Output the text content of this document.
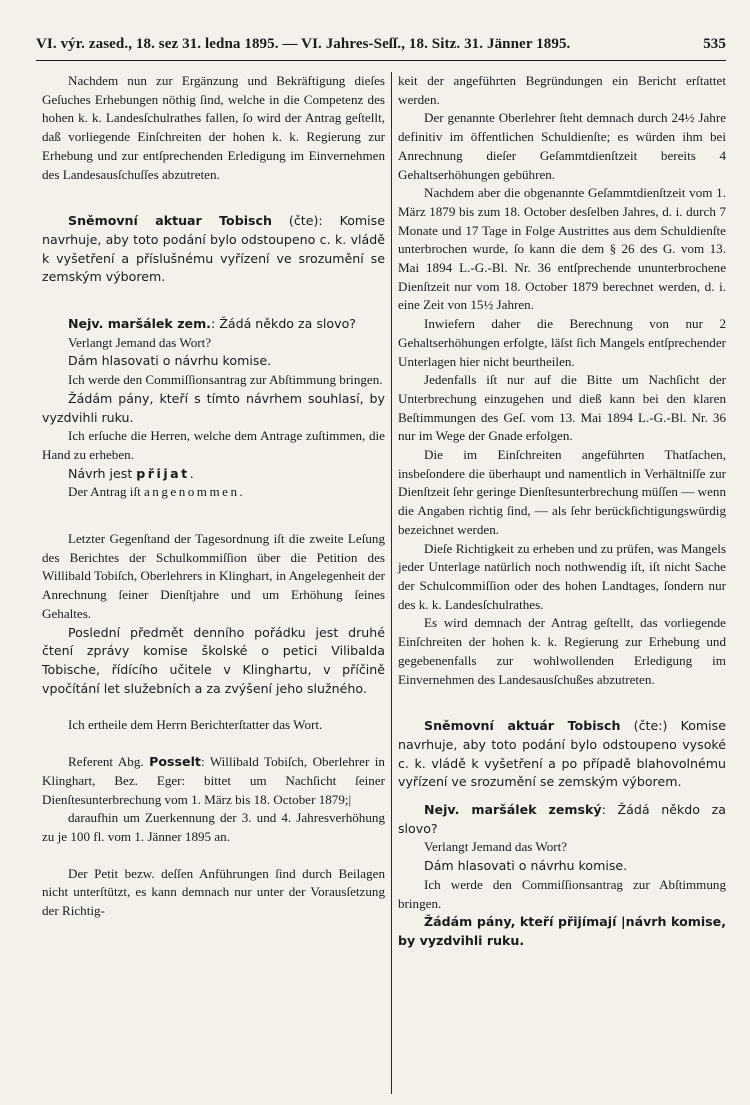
VI. výr. zased., 18. sez 31. ledna 1895. — VI. Jahres-Seſſ., 18. Sitz. 31. Jänner 1895.	535

Nachdem nun zur Ergänzung und Bekräftigung dieſes Geſuches Erhebungen nöthig ſind, welche in die Competenz des hohen k. k. Landesſchulrathes fallen, ſo wird der Antrag geſtellt, daß vorliegende Einſchreiten der hohen k. k. Regierung zur Erhebung und zur entſprechenden Erledigung im Einvernehmen des Landesausſchuſſes abzutreten.

Sněmovní aktuar Tobisch (čte): Komise navrhuje, aby toto podání bylo odstoupeno c. k. vládě k vyšetření a příslušnému vyřízení ve srozumění se zemským výborem.

Nejv. maršálek zem.: Žádá někdo za slovo?

Verlangt Jemand das Wort?

Dám hlasovati o návrhu komise.

Ich werde den Commiſſionsantrag zur Abſtimmung bringen.

Žádám pány, kteří s tímto návrhem souhlasí, by vyzdvihli ruku.

Ich erſuche die Herren, welche dem Antrage zuſtimmen, die Hand zu erheben.

Návrh jest přijat.

Der Antrag iſt angenommen.

Letzter Gegenſtand der Tagesordnung iſt die zweite Leſung des Berichtes der Schulkommiſſion über die Petition des Willibald Tobiſch, Oberlehrers in Klinghart, in Angelegenheit der Anrechnung ſeiner Dienſtjahre und um Erhöhung ſeines Gehaltes.

Poslední předmět denního pořádku jest druhé čtení zprávy komise školské o petici Vilibalda Tobische, řídícího učitele v Klinghartu, v příčině vpočítání let služebních a za zvýšení jeho služného.

Ich ertheile dem Herrn Berichterſtatter das Wort.

Referent Abg. Posselt: Willibald Tobiſch, Oberlehrer in Klinghart, Bez. Eger: bittet um Nachſicht ſeiner Dienſtesunterbrechung vom 1. März bis 18. October 1879;|

daraufhin um Zuerkennung der 3. und 4. Jahresverhöhung zu je 100 fl. vom 1. Jänner 1895 an.

Der Petit bezw. deſſen Anführungen ſind durch Beilagen nicht unterſtützt, es kann demnach nur unter der Vorausſetzung der Richtig-

keit der angeführten Begründungen ein Bericht erſtattet werden.

Der genannte Oberlehrer ſteht demnach durch 24½ Jahre definitiv im öffentlichen Schuldienſte; es würden ihm bei Anrechnung dieſer Geſammtdienſtzeit bereits 4 Gehaltserhöhungen gebühren.

Nachdem aber die obgenannte Geſammtdienſtzeit vom 1. März 1879 bis zum 18. October desſelben Jahres, d. i. durch 7 Monate und 17 Tage in Folge Austrittes aus dem Schuldienſte unterbrochen wurde, ſo kann die dem § 26 des G. vom 13. Mai 1894 L.-G.-Bl. Nr. 36 entſprechende ununterbrochene Dienſtzeit nur vom 18. October 1879 berechnet werden, d. i. eine Zeit von 15½ Jahren.

Inwiefern daher die Berechnung von nur 2 Gehaltserhöhungen erfolgte, läſst ſich Mangels entſprechender Unterlagen hier nicht beurtheilen.

Jedenfalls iſt nur auf die Bitte um Nachſicht der Unterbrechung einzugehen und dieß kann bei den klaren Beſtimmungen des Geſ. vom 13. Mai 1894 L.-G.-Bl. Nr. 36 nur im Wege der Gnade erfolgen.

Die im Einſchreiten angeführten Thatſachen, insbeſondere die überhaupt und namentlich in Verhältniſſe zur Dienſtzeit ſehr geringe Dienſtesunterbrechung müſſen — wenn die Angaben richtig ſind, — als ſehr berückſichtigungswürdig bezeichnet werden.

Dieſe Richtigkeit zu erheben und zu prüfen, was Mangels jeder Unterlage natürlich noch nothwendig iſt, iſt nicht Sache der Schulcommiſſion oder des hohen Landtages, ſondern nur des k. k. Landesſchulrathes.

Es wird demnach der Antrag geſtellt, das vorliegende Einſchreiten der hohen k. k. Regierung zur Erhebung und gegebenenfalls zur wohlwollenden Erledigung im Einvernehmen des Landesausſchußes abzutreten.

Sněmovní aktuár Tobisch (čte:) Komise navrhuje, aby toto podání bylo odstoupeno vysoké c. k. vládě k vyšetření a po případě blahovolnému vyřízení ve srozumění se zemským výborem.

Nejv. maršálek zemský: Žádá někdo za slovo?

Verlangt Jemand das Wort?

Dám hlasovati o návrhu komise.

Ich werde den Commiſſionsantrag zur Abſtimmung bringen.

Žádám pány, kteří přijímají |návrh komise, by vyzdvihli ruku.
